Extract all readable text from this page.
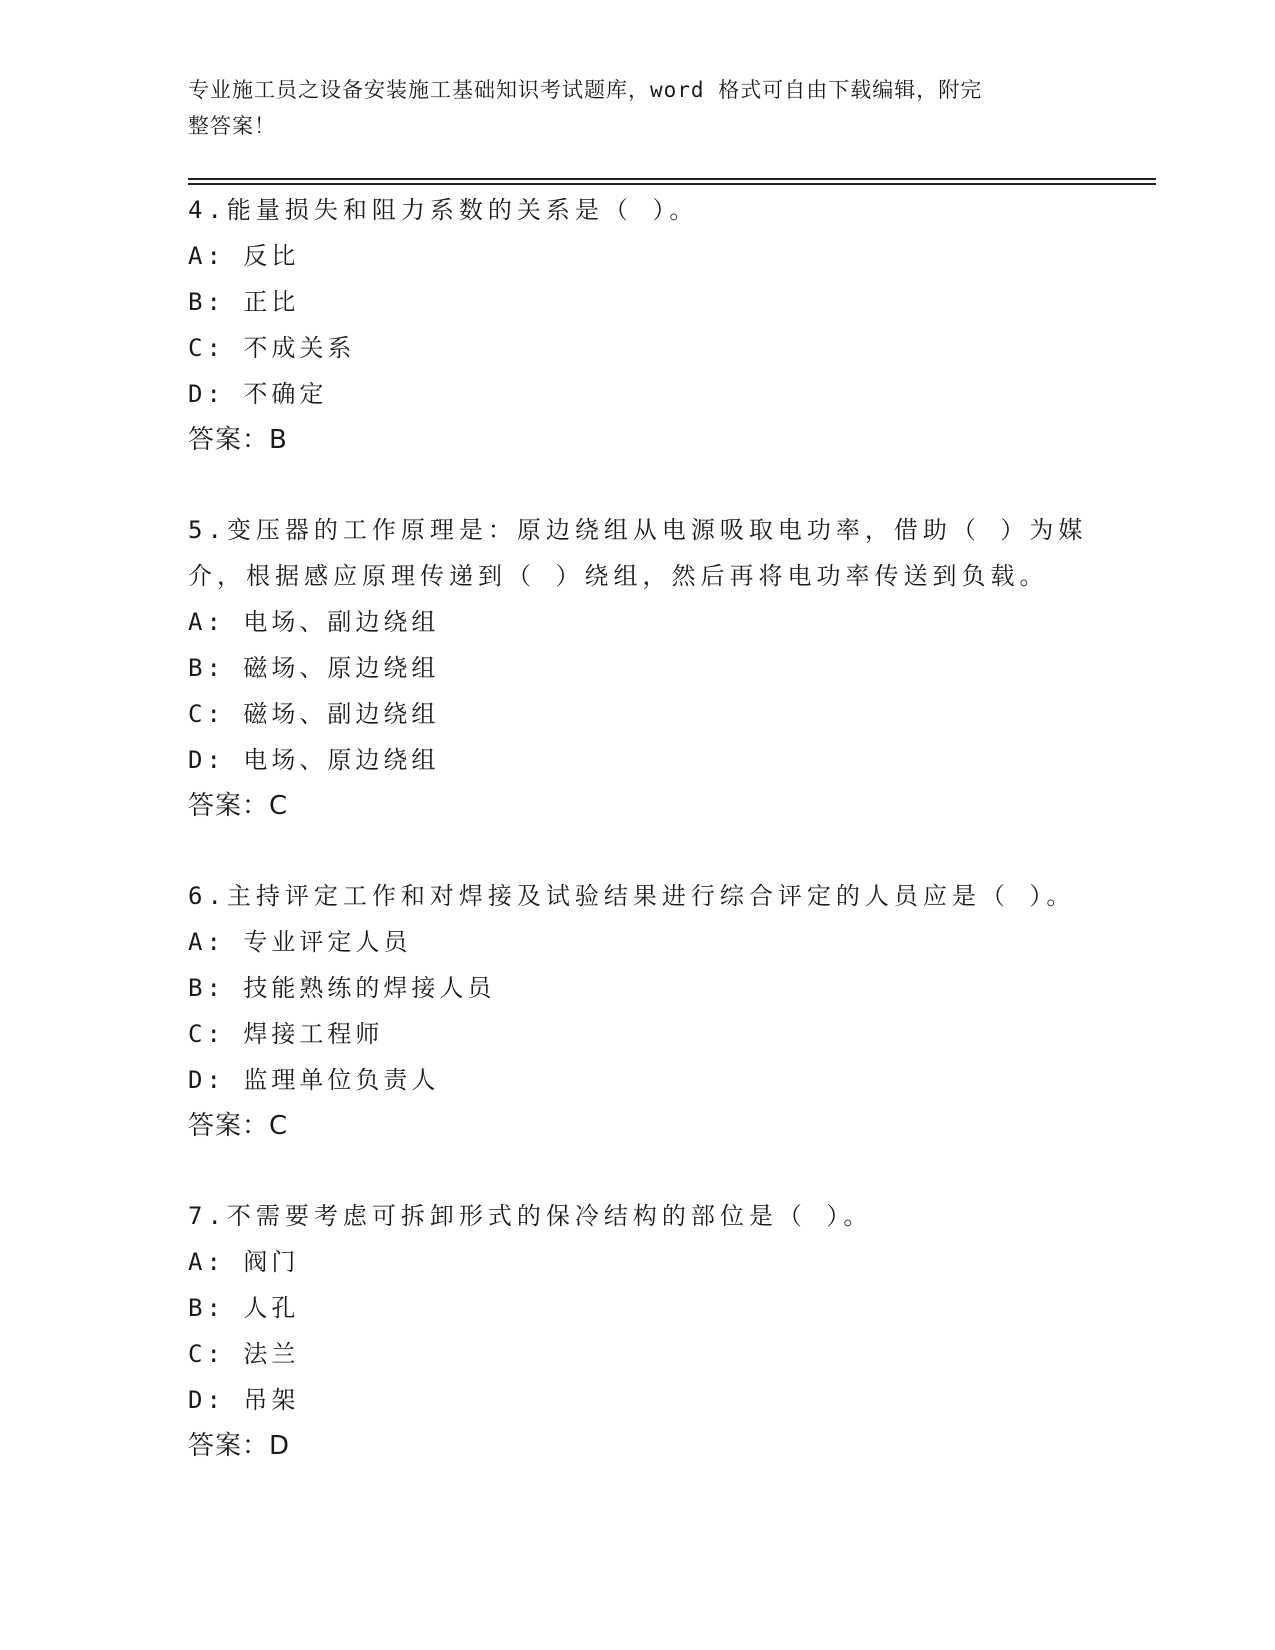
专业施工员之设备安装施工基础知识考试题库，word 格式可自由下载编辑，附完
整答案！
4.能量损失和阻力系数的关系是（ ）。
A: 反比
B: 正比
C: 不成关系
D: 不确定
答案：B
5.变压器的工作原理是：原边绕组从电源吸取电功率，借助（ ）为媒
介，根据感应原理传递到（ ）绕组，然后再将电功率传送到负载。
A: 电场、副边绕组
B: 磁场、原边绕组
C: 磁场、副边绕组
D: 电场、原边绕组
答案：C
6.主持评定工作和对焊接及试验结果进行综合评定的人员应是（ ）。
A: 专业评定人员
B: 技能熟练的焊接人员
C: 焊接工程师
D: 监理单位负责人
答案：C
7.不需要考虑可拆卸形式的保冷结构的部位是（ ）。
A: 阀门
B: 人孔
C: 法兰
D: 吊架
答案：D
